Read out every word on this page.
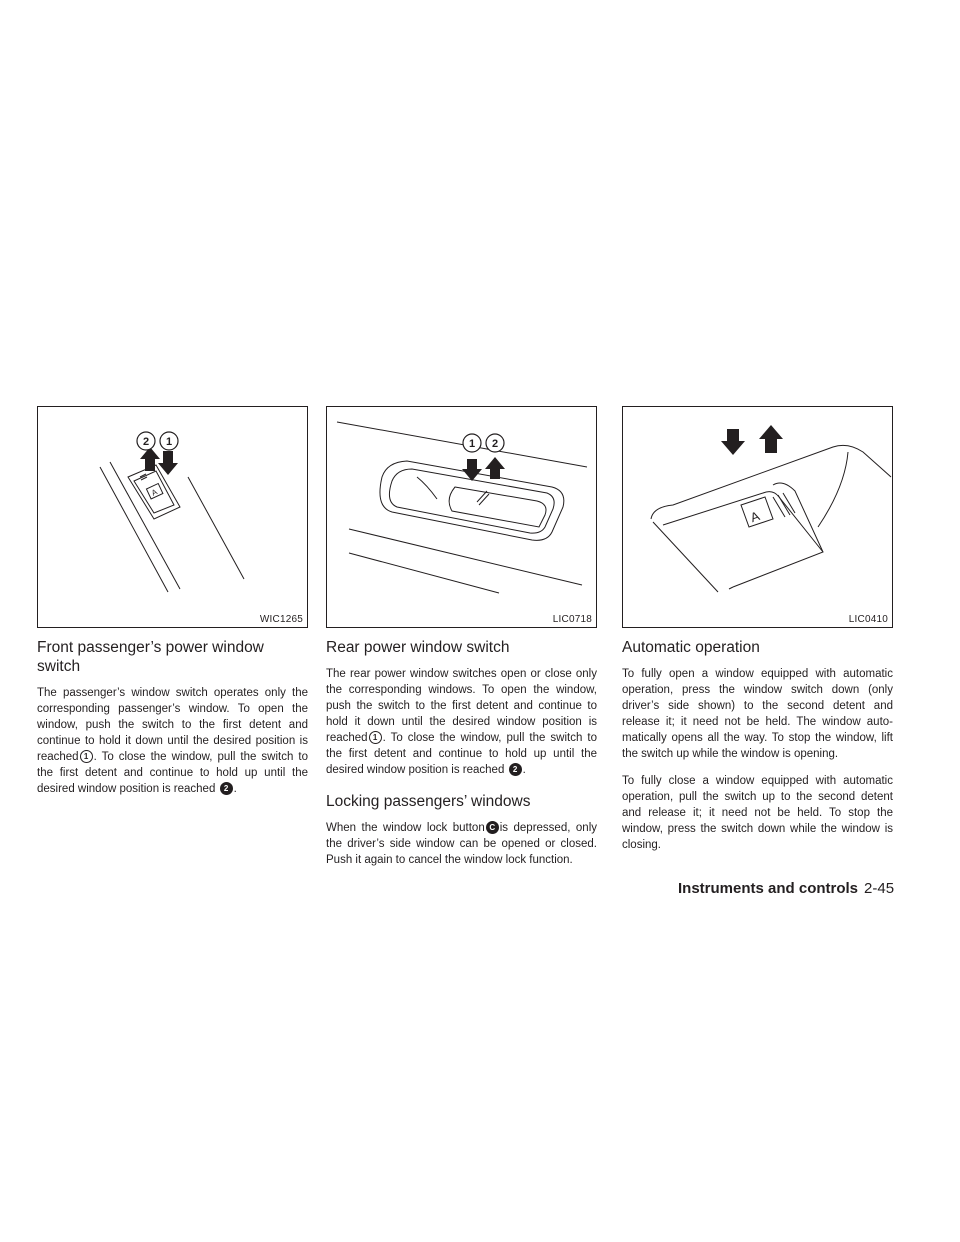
A
2 1
WIC1265
Front passenger’s power window switch

The passenger’s window switch operates only the corresponding passenger’s window. To open the window, push the switch to the first detent and continue to hold it down until the desired position is reached 1 . To close the window, pull the switch to the first detent and continue to hold up until the desired window position is reached 2 .

1 2
LIC0718
Rear power window switch

The rear power window switches open or close only the corresponding windows. To open the window, push the switch to the first detent and continue to hold it down until the desired window position is reached 1 . To close the window, pull the switch to the first detent and continue to hold up until the desired window position is reached 2 .

Locking passengers’ windows

When the window lock button C is depressed, only the driver’s side window can be opened or closed. Push it again to cancel the window lock function.

A
LIC0410
Automatic operation

To fully open a window equipped with automatic operation, press the window switch down (only driver’s side shown) to the second detent and release it; it need not be held. The window auto-matically opens all the way. To stop the window, lift the switch up while the window is opening.

To fully close a window equipped with automatic operation, pull the switch up to the second detent and release it; it need not be held. To stop the window, press the switch down while the window is closing.

Instruments and controls 2-45
